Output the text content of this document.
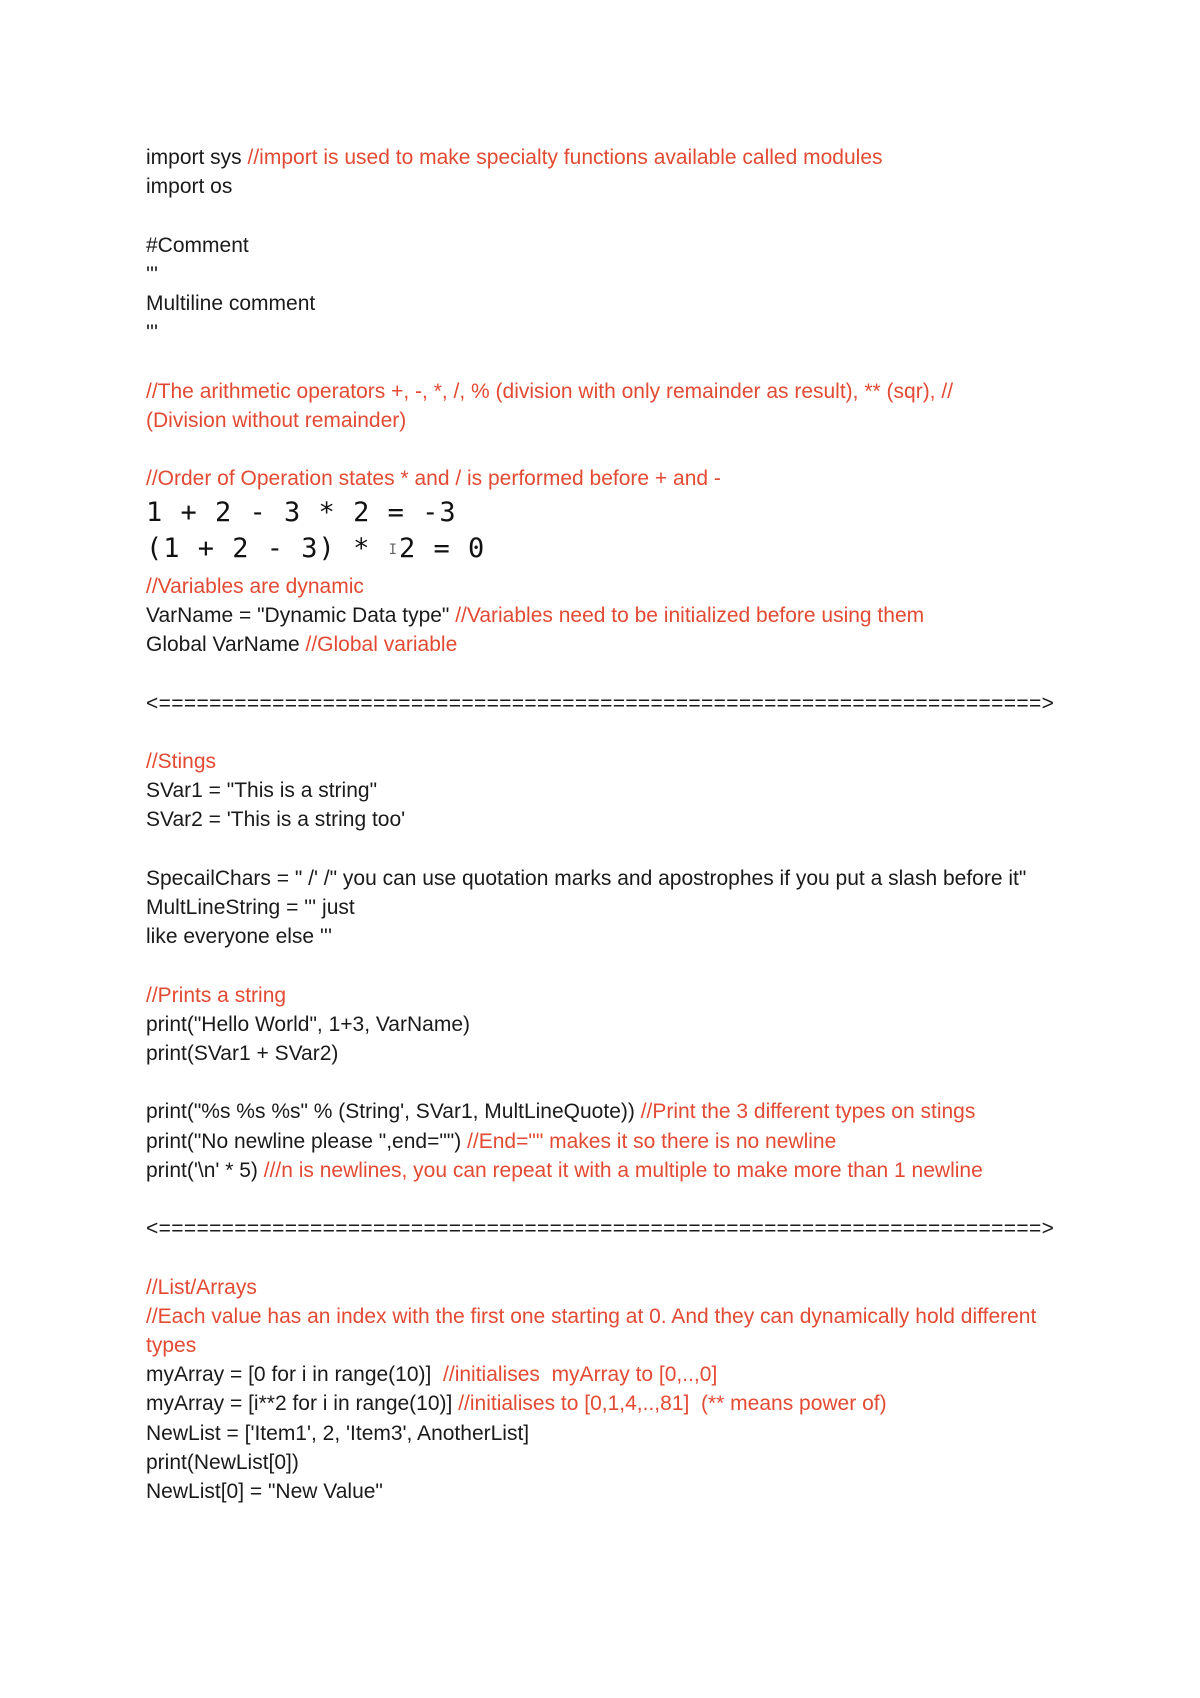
import sys //import is used to make specialty functions available called modules
import os
#Comment
'''
Multiline comment
'''
//The arithmetic operators +, -, *, /, % (division with only remainder as result), ** (sqr), //
(Division without remainder)
//Order of Operation states * and / is performed before + and -
1 + 2 - 3 * 2 = -3
(1 + 2 - 3) * I2 = 0
//Variables are dynamic
VarName = "Dynamic Data type" //Variables need to be initialized before using them
Global VarName //Global variable
<======================================================================>
//Stings
SVar1 = "This is a string"
SVar2 = 'This is a string too'
SpecailChars = " /' /" you can use quotation marks and apostrophes if you put a slash before it"
MultLineString = ''' just
like everyone else '''
//Prints a string
print("Hello World", 1+3, VarName)
print(SVar1 + SVar2)
print("%s %s %s" % (String', SVar1, MultLineQuote)) //Print the 3 different types on stings
print("No newline please ",end="") //End="" makes it so there is no newline
print('\n' * 5) ///n is newlines, you can repeat it with a multiple to make more than 1 newline
<======================================================================>
//List/Arrays
//Each value has an index with the first one starting at 0. And they can dynamically hold different types
myArray = [0 for i in range(10)]  //initialises  myArray to [0,..,0]
myArray = [i**2 for i in range(10)] //initialises to [0,1,4,..,81]  (** means power of)
NewList = ['Item1', 2, 'Item3', AnotherList]
print(NewList[0])
NewList[0] = "New Value"
